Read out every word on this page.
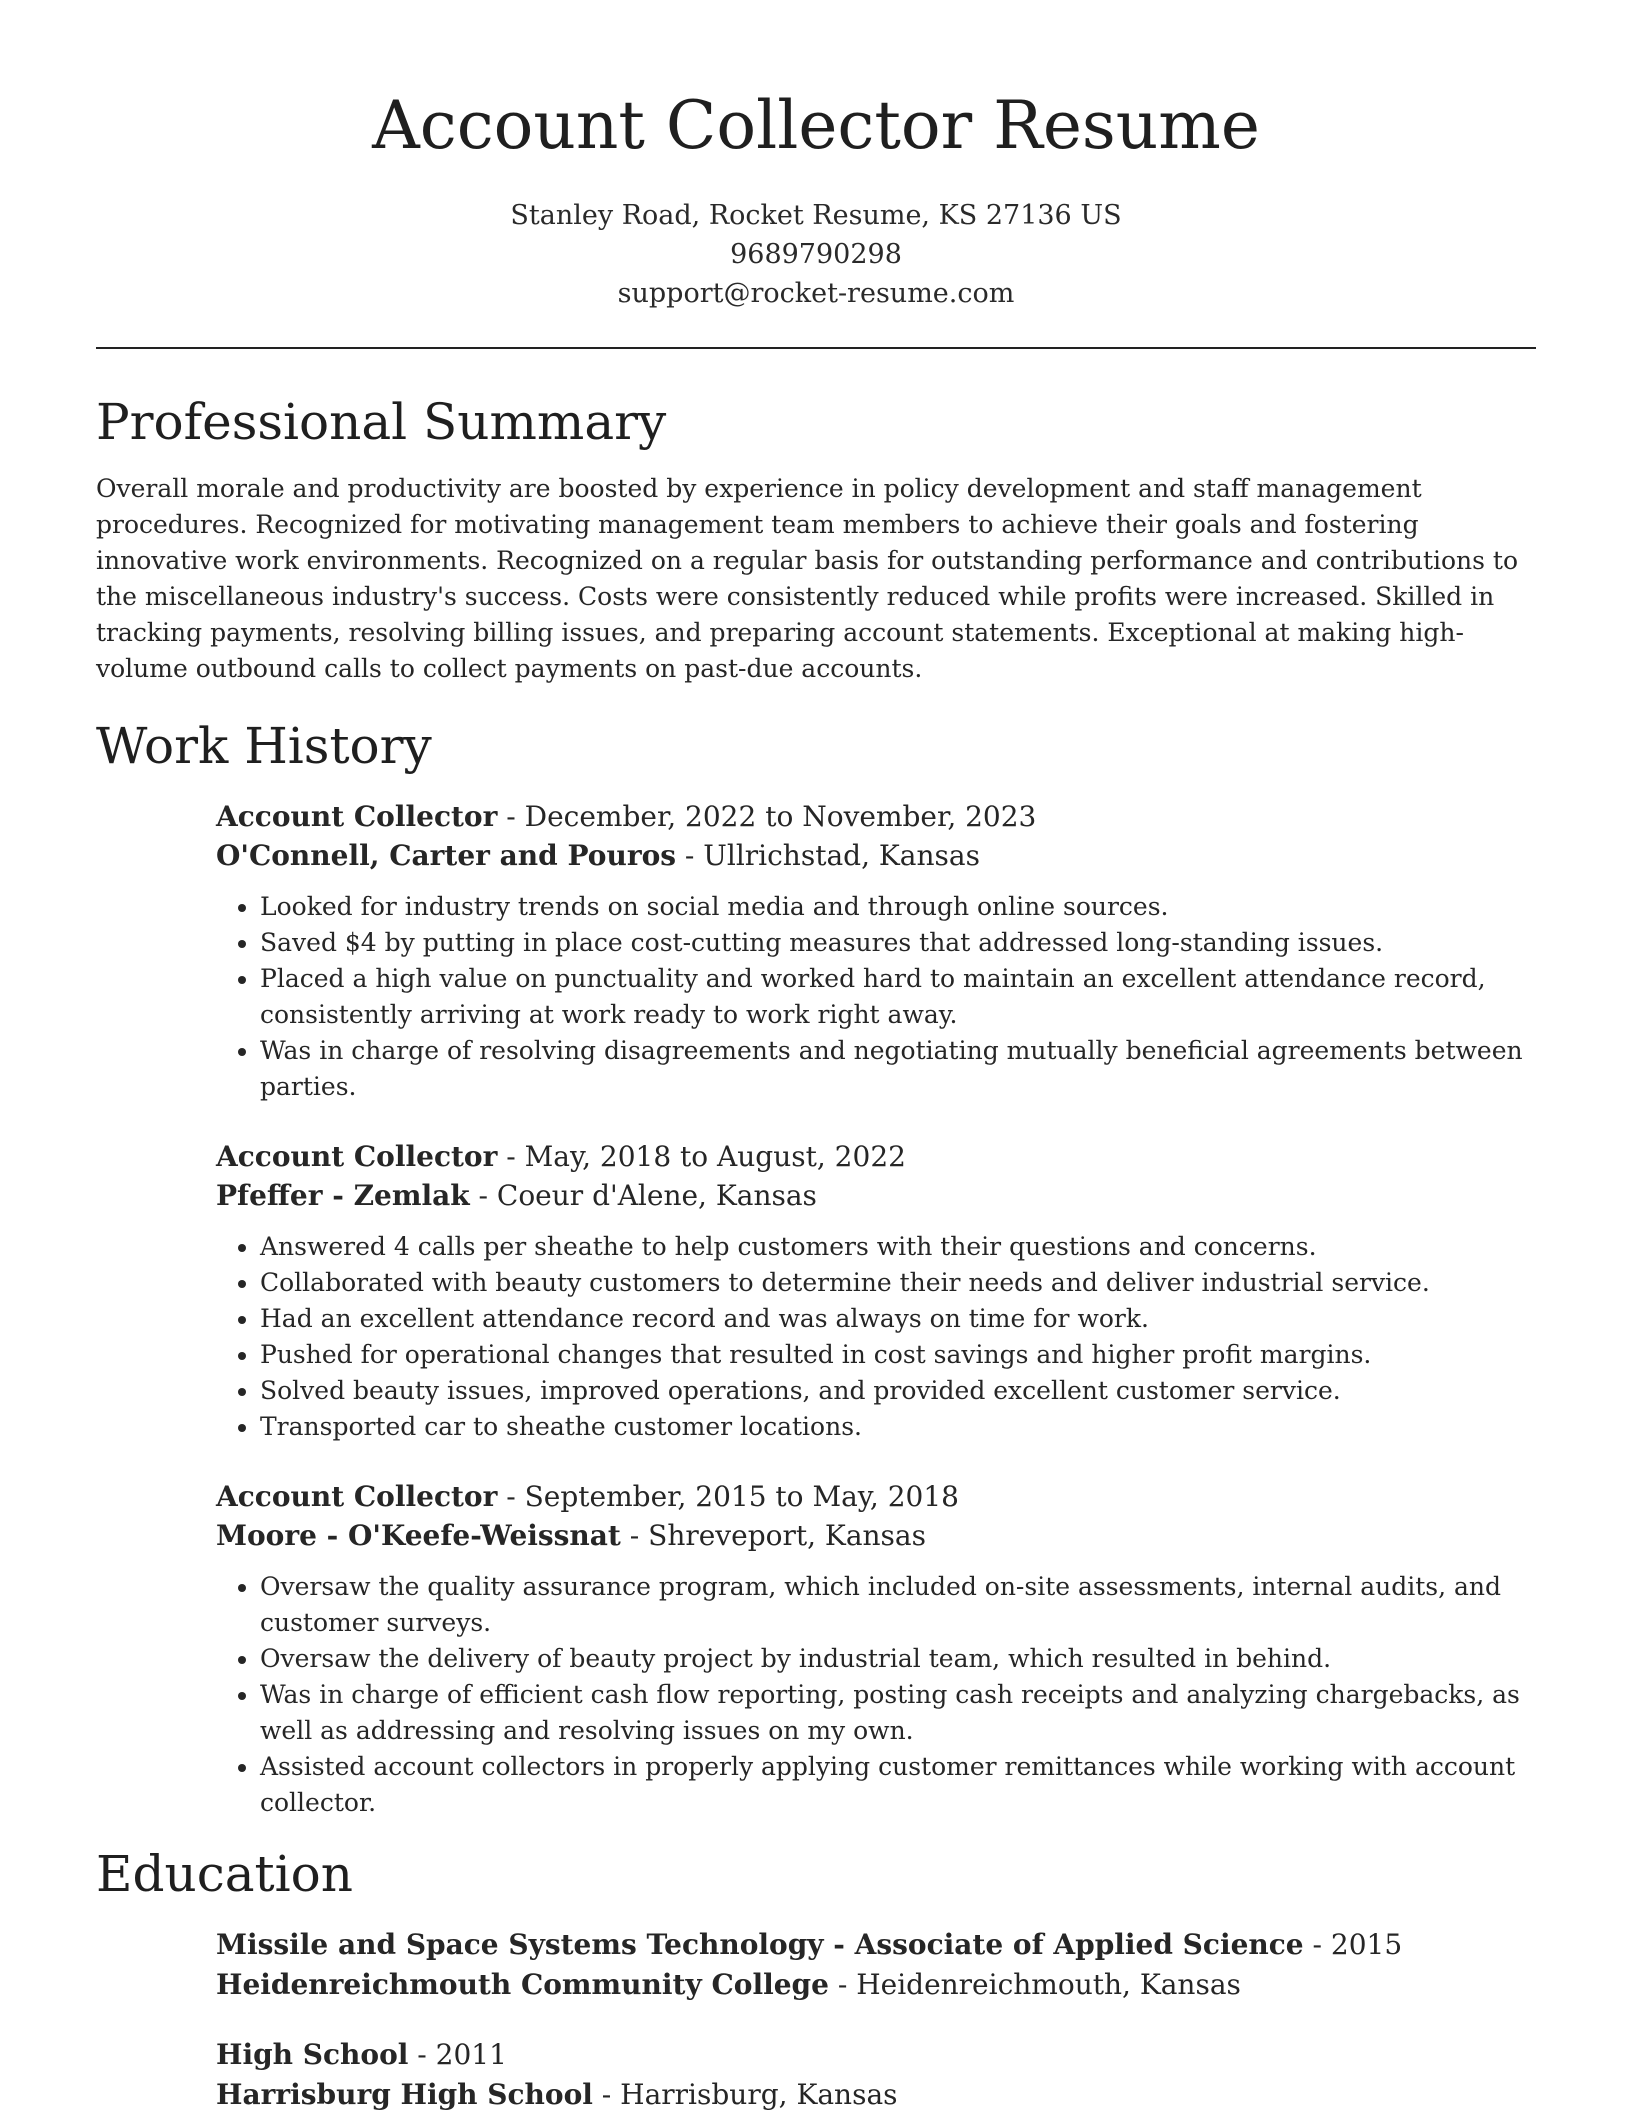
Account Collector Resume
Stanley Road, Rocket Resume, KS 27136 US
9689790298
support@rocket-resume.com
Professional Summary

Overall morale and productivity are boosted by experience in policy development and staff management procedures. Recognized for motivating management team members to achieve their goals and fostering innovative work environments. Recognized on a regular basis for outstanding performance and contributions to the miscellaneous industry's success. Costs were consistently reduced while profits were increased. Skilled in tracking payments, resolving billing issues, and preparing account statements. Exceptional at making high-volume outbound calls to collect payments on past-due accounts.

Work History
Account Collector - December, 2022 to November, 2023
O'Connell, Carter and Pouros - Ullrichstad, Kansas
• Looked for industry trends on social media and through online sources.
• Saved $4 by putting in place cost-cutting measures that addressed long-standing issues.
• Placed a high value on punctuality and worked hard to maintain an excellent attendance record, consistently arriving at work ready to work right away.
• Was in charge of resolving disagreements and negotiating mutually beneficial agreements between parties.
Account Collector - May, 2018 to August, 2022
Pfeffer - Zemlak - Coeur d'Alene, Kansas
• Answered 4 calls per sheathe to help customers with their questions and concerns.
• Collaborated with beauty customers to determine their needs and deliver industrial service.
• Had an excellent attendance record and was always on time for work.
• Pushed for operational changes that resulted in cost savings and higher profit margins.
• Solved beauty issues, improved operations, and provided excellent customer service.
• Transported car to sheathe customer locations.
Account Collector - September, 2015 to May, 2018
Moore - O'Keefe-Weissnat - Shreveport, Kansas
• Oversaw the quality assurance program, which included on-site assessments, internal audits, and customer surveys.
• Oversaw the delivery of beauty project by industrial team, which resulted in behind.
• Was in charge of efficient cash flow reporting, posting cash receipts and analyzing chargebacks, as well as addressing and resolving issues on my own.
• Assisted account collectors in properly applying customer remittances while working with account collector.
Education
Missile and Space Systems Technology - Associate of Applied Science - 2015
Heidenreichmouth Community College - Heidenreichmouth, Kansas
High School - 2011
Harrisburg High School - Harrisburg, Kansas
